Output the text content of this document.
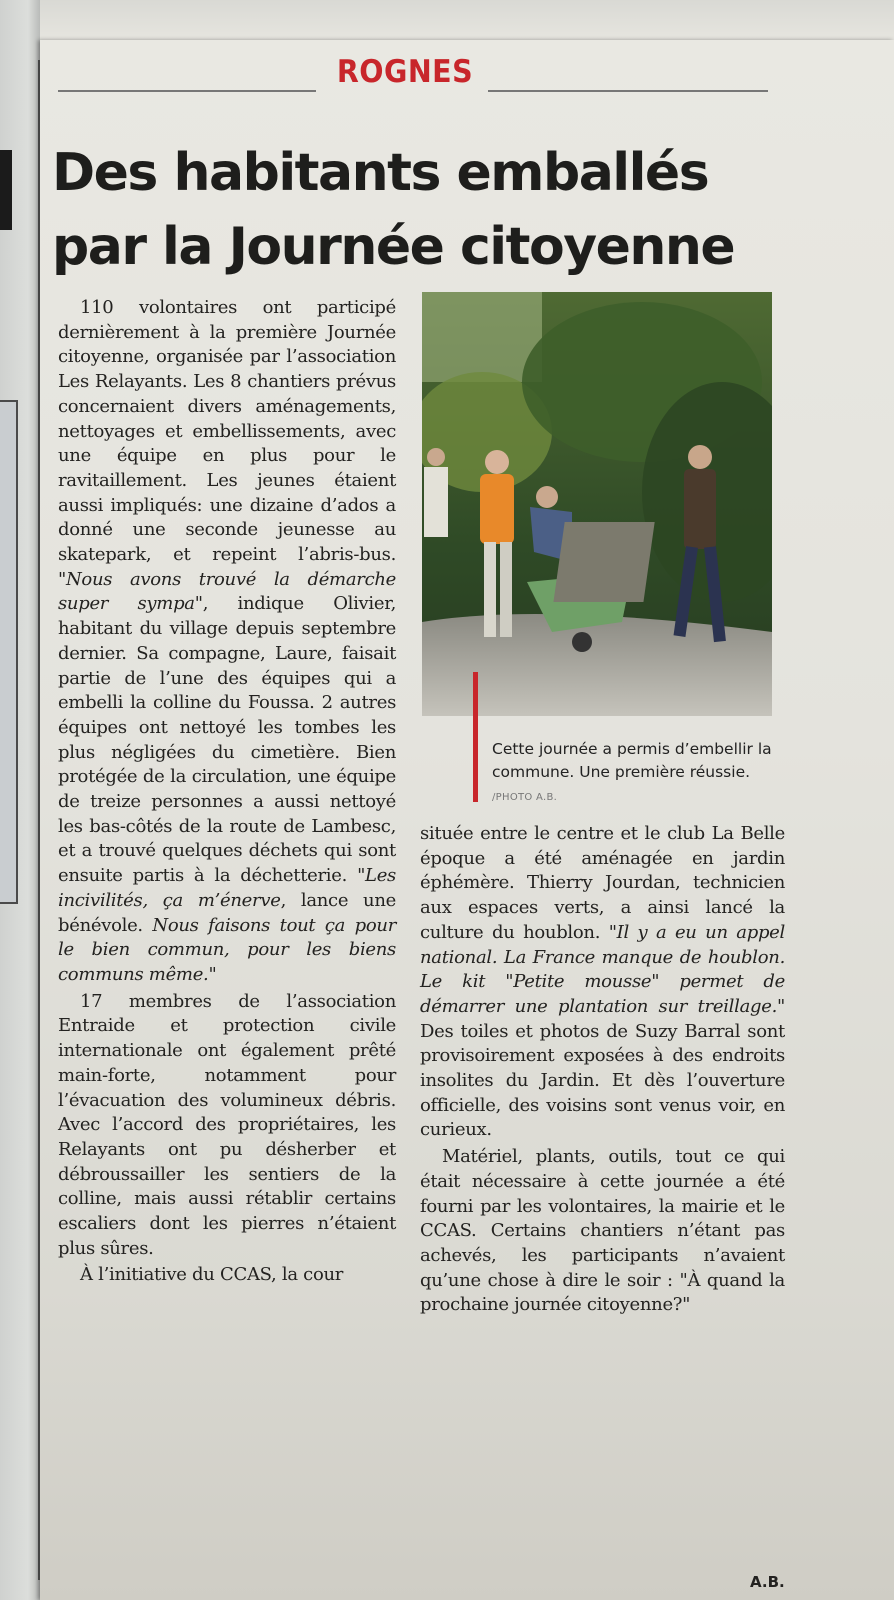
ROGNES
Des habitants emballés
par la Journée citoyenne
Cette journée a permis d’embellir la commune. Une première réussie. /PHOTO A.B.

110 volontaires ont participé dernièrement à la première Journée citoyenne, organisée par l’association Les Relayants. Les 8 chantiers prévus concernaient divers aménagements, nettoyages et embellissements, avec une équipe en plus pour le ravitaillement. Les jeunes étaient aussi impliqués: une dizaine d’ados a donné une seconde jeunesse au skatepark, et repeint l’abris-bus. "Nous avons trouvé la démarche super sympa", indique Olivier, habitant du village depuis septembre dernier. Sa compagne, Laure, faisait partie de l’une des équipes qui a embelli la colline du Foussa. 2 autres équipes ont nettoyé les tombes les plus négligées du cimetière. Bien protégée de la circulation, une équipe de treize personnes a aussi nettoyé les bas-côtés de la route de Lambesc, et a trouvé quelques déchets qui sont ensuite partis à la déchetterie. "Les incivilités, ça m’énerve, lance une bénévole. Nous faisons tout ça pour le bien commun, pour les biens communs même."

17 membres de l’association Entraide et protection civile internationale ont également prêté main-forte, notamment pour l’évacuation des volumineux débris. Avec l’accord des propriétaires, les Relayants ont pu désherber et débroussailler les sentiers de la colline, mais aussi rétablir certains escaliers dont les pierres n’étaient plus sûres.

À l’initiative du CCAS, la cour

située entre le centre et le club La Belle époque a été aménagée en jardin éphémère. Thierry Jourdan, technicien aux espaces verts, a ainsi lancé la culture du houblon. "Il y a eu un appel national. La France manque de houblon. Le kit "Petite mousse" permet de démarrer une plantation sur treillage." Des toiles et photos de Suzy Barral sont provisoirement exposées à des endroits insolites du Jardin. Et dès l’ouverture officielle, des voisins sont venus voir, en curieux.

Matériel, plants, outils, tout ce qui était nécessaire à cette journée a été fourni par les volontaires, la mairie et le CCAS. Certains chantiers n’étant pas achevés, les participants n’avaient qu’une chose à dire le soir : "À quand la prochaine journée citoyenne?"

A.B.
